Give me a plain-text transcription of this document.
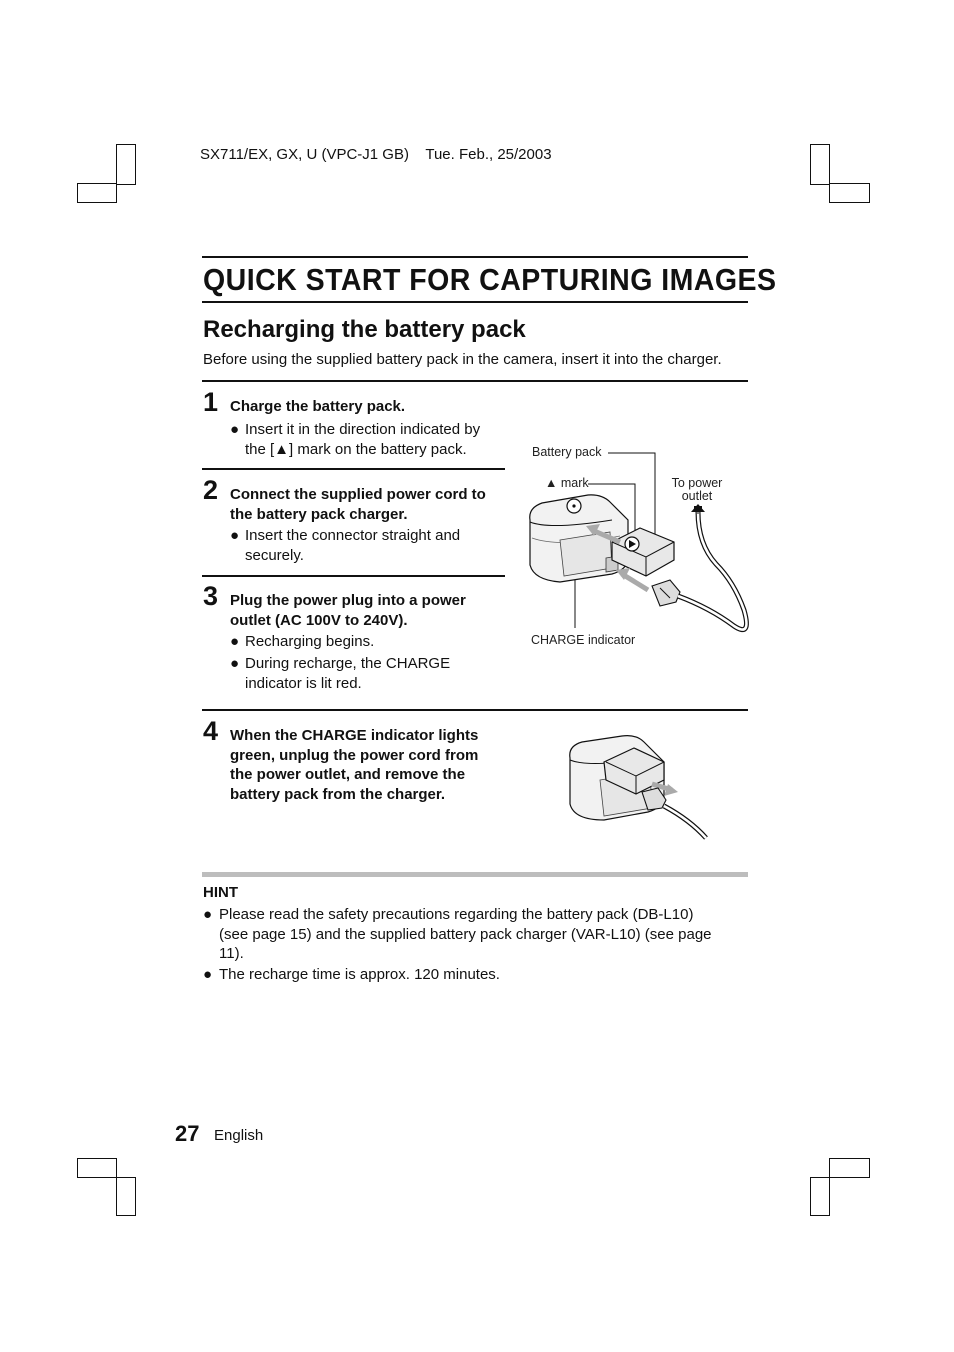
SX711/EX, GX, U (VPC-J1 GB)    Tue. Feb., 25/2003
QUICK START FOR CAPTURING IMAGES
Recharging the battery pack
Before using the supplied battery pack in the camera, insert it into the charger.
1 Charge the battery pack.
● Insert it in the direction indicated by
the [▲] mark on the battery pack.
2 Connect the supplied power cord to
the battery pack charger.
● Insert the connector straight and
securely.
3 Plug the power plug into a power
outlet (AC 100V to 240V).
● Recharging begins.
● During recharge, the CHARGE
indicator is lit red.
4 When the CHARGE indicator lights
green, unplug the power cord from
the power outlet, and remove the
battery pack from the charger.
Battery pack
▲ mark	To power
outlet
CHARGE indicator
HINT
● Please read the safety precautions regarding the battery pack (DB-L10)
(see page 15) and the supplied battery pack charger (VAR-L10) (see page
11).
● The recharge time is approx. 120 minutes.
27 English
